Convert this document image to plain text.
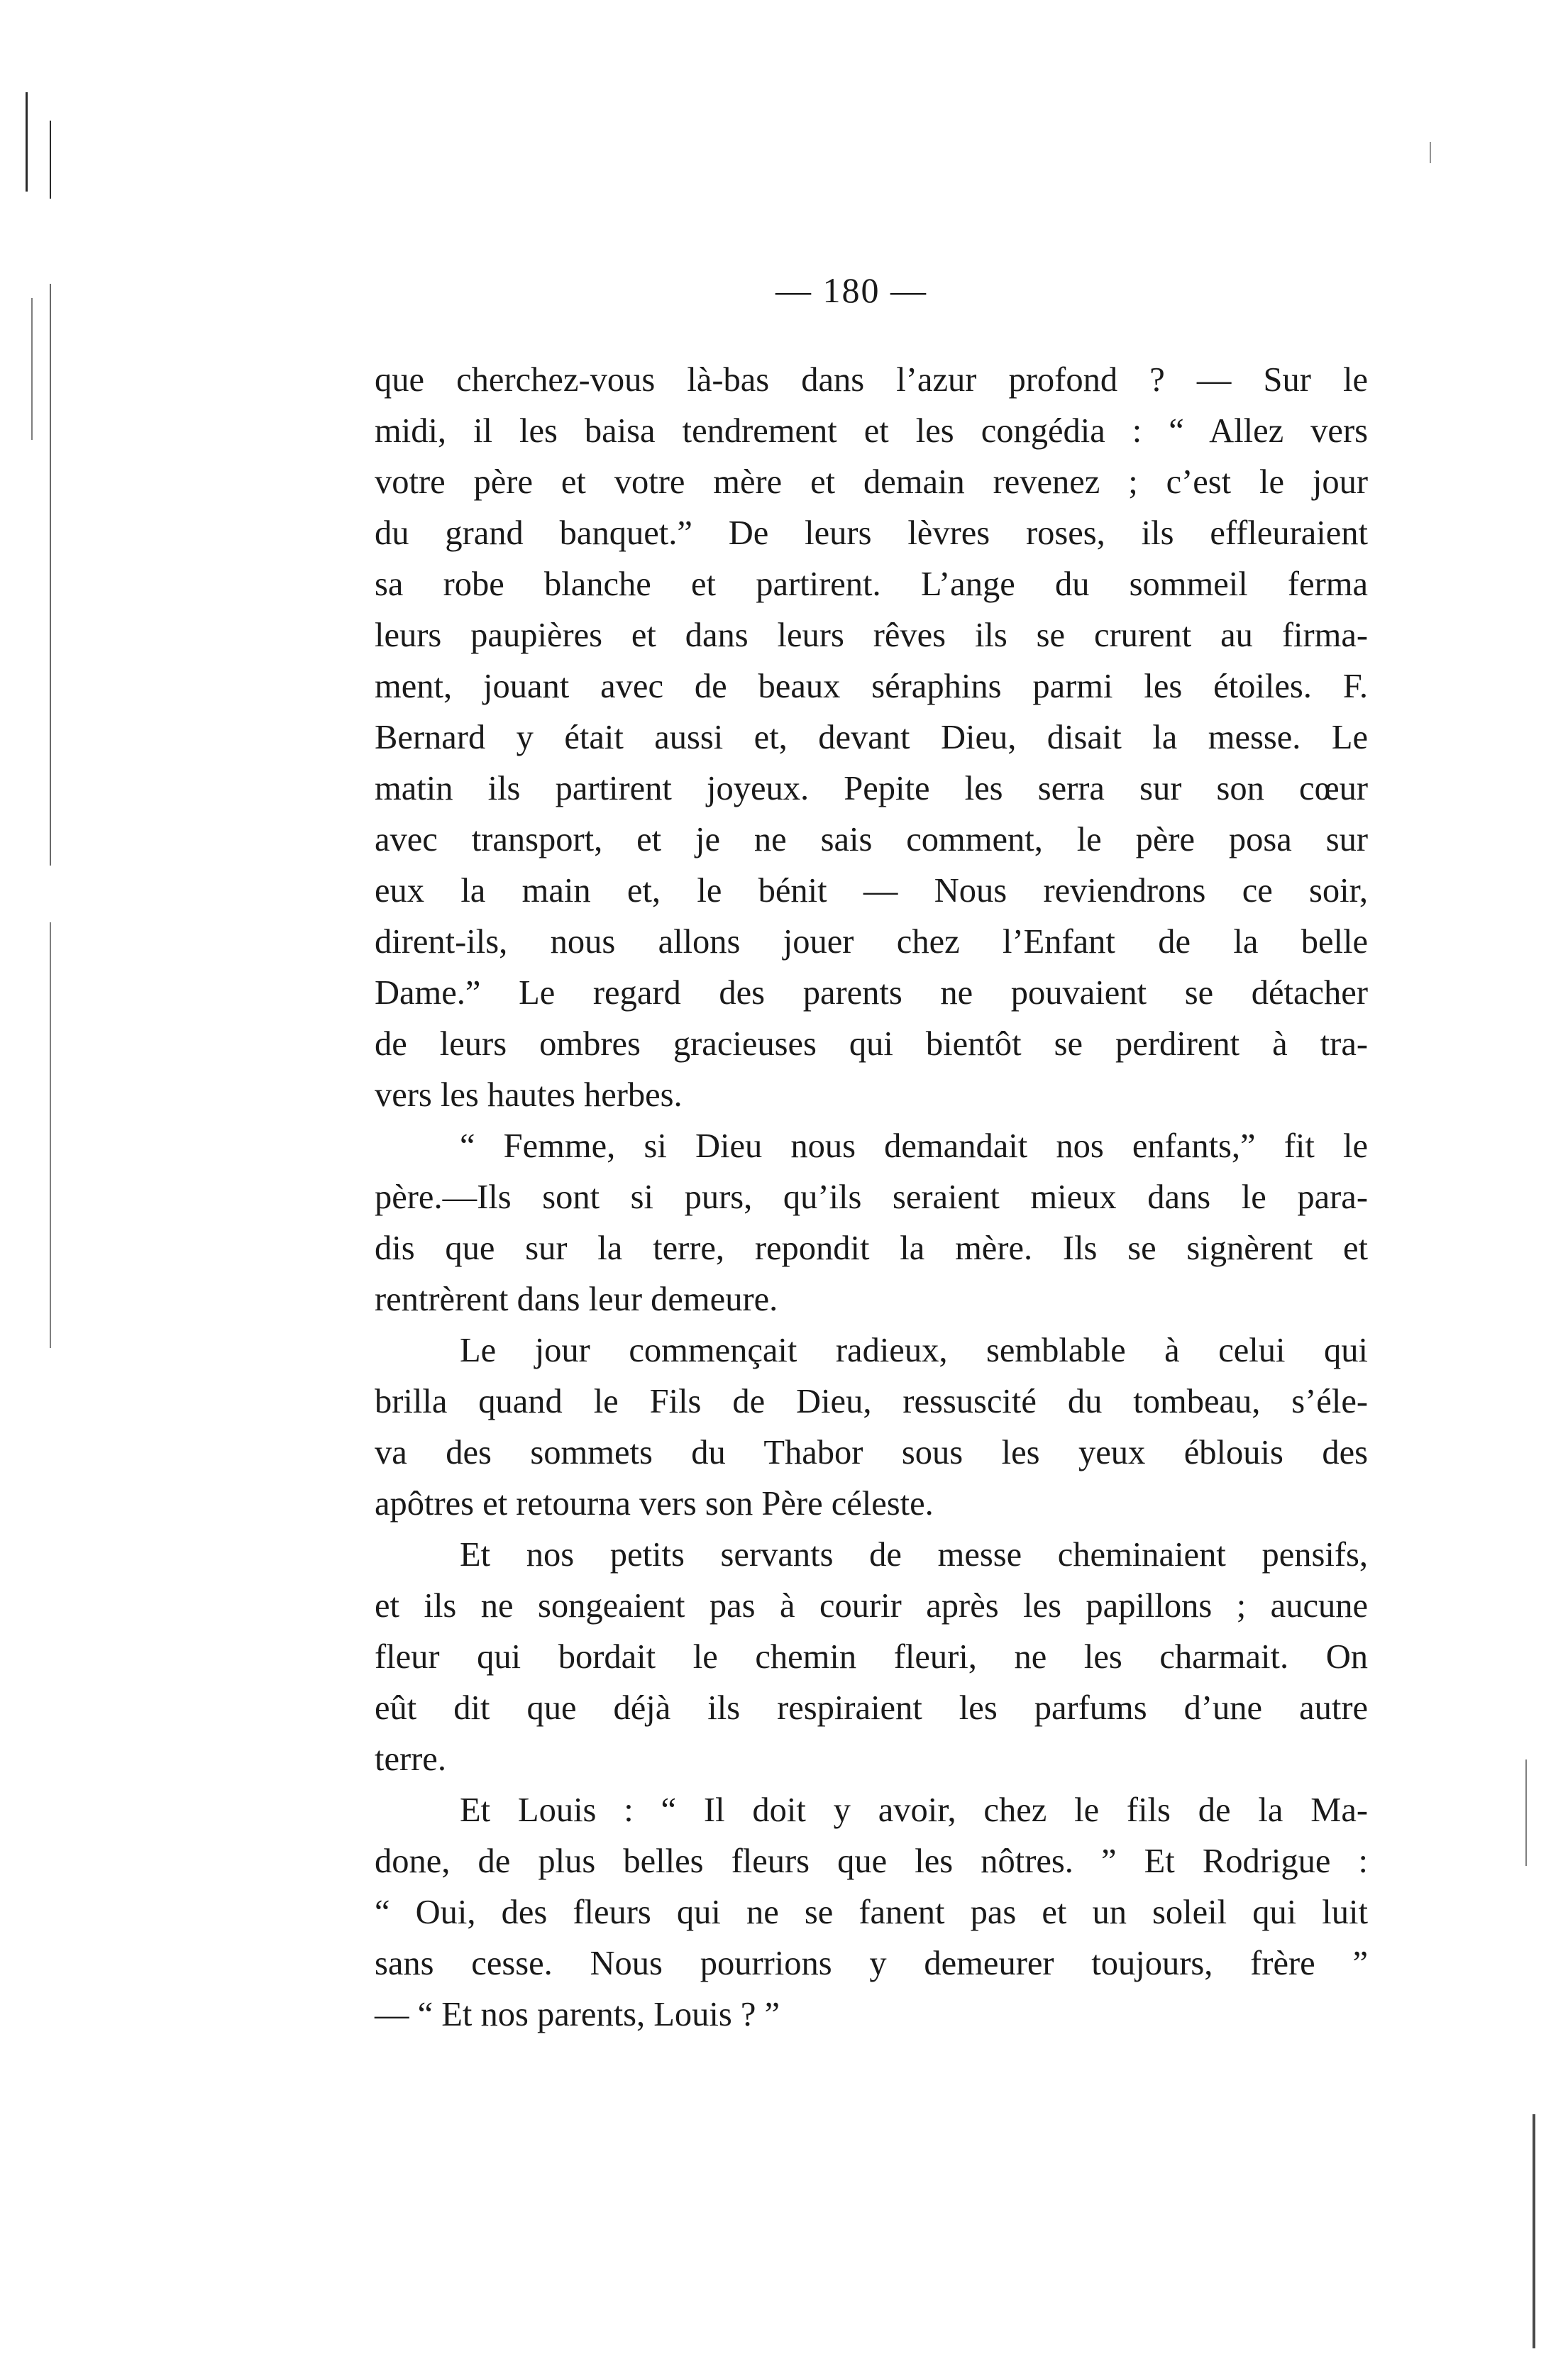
— 180 —
que cherchez-vous là-bas dans l’azur profond ? — Sur le
midi, il les baisa tendrement et les congédia : “ Allez vers
votre père et votre mère et demain revenez ; c’est le jour
du grand banquet.” De leurs lèvres roses, ils effleuraient
sa robe blanche et partirent. L’ange du sommeil ferma
leurs paupières et dans leurs rêves ils se crurent au firma-
ment, jouant avec de beaux séraphins parmi les étoiles. F.
Bernard y était aussi et, devant Dieu, disait la messe. Le
matin ils partirent joyeux. Pepite les serra sur son cœur
avec transport, et je ne sais comment, le père posa sur
eux la main et, le bénit — Nous reviendrons ce soir,
dirent-ils, nous allons jouer chez l’Enfant de la belle
Dame.” Le regard des parents ne pouvaient se détacher
de leurs ombres gracieuses qui bientôt se perdirent à tra-
vers les hautes herbes.
“ Femme, si Dieu nous demandait nos enfants,” fit le
père.—Ils sont si purs, qu’ils seraient mieux dans le para-
dis que sur la terre, repondit la mère. Ils se signèrent et
rentrèrent dans leur demeure.
Le jour commençait radieux, semblable à celui qui
brilla quand le Fils de Dieu, ressuscité du tombeau, s’éle-
va des sommets du Thabor sous les yeux éblouis des
apôtres et retourna vers son Père céleste.
Et nos petits servants de messe cheminaient pensifs,
et ils ne songeaient pas à courir après les papillons ; aucune
fleur qui bordait le chemin fleuri, ne les charmait. On
eût dit que déjà ils respiraient les parfums d’une autre
terre.
Et Louis : “ Il doit y avoir, chez le fils de la Ma-
done, de plus belles fleurs que les nôtres. ” Et Rodrigue :
“ Oui, des fleurs qui ne se fanent pas et un soleil qui luit
sans cesse. Nous pourrions y demeurer toujours, frère ”
— “ Et nos parents, Louis ? ”
